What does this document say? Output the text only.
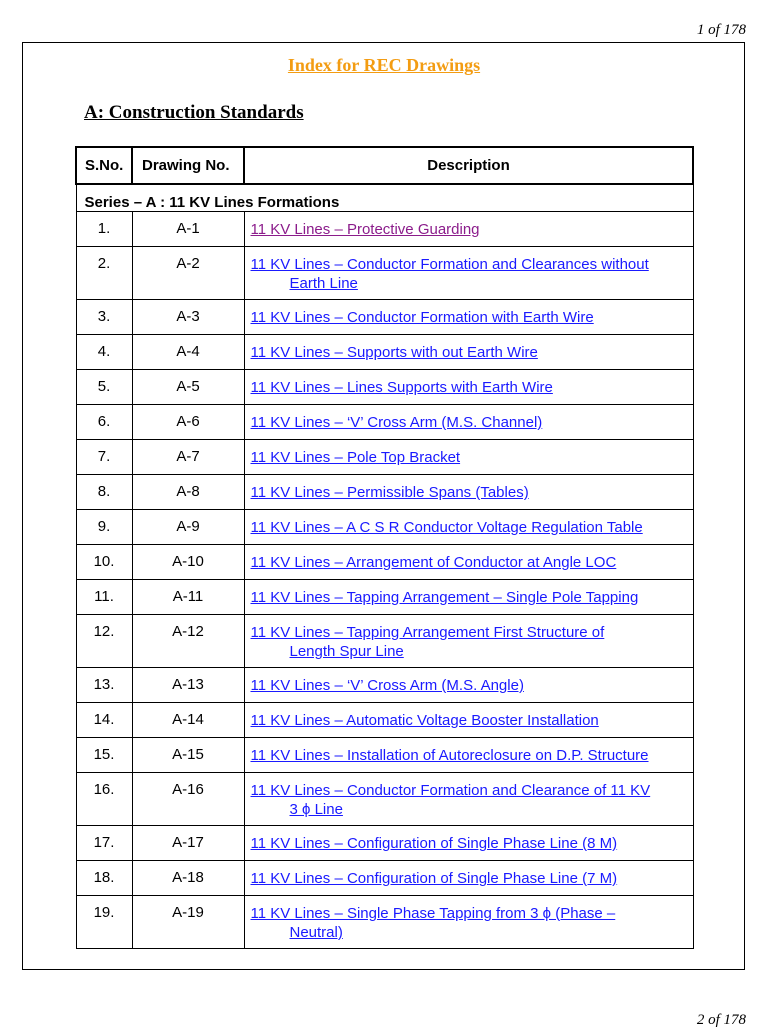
1 of 178
Index for REC Drawings
A: Construction Standards
S.No.	Drawing No.	Description
Series – A : 11 KV Lines Formations		
1.	A-1	11 KV Lines – Protective Guarding
2.	A-2	11 KV Lines – Conductor Formation and Clearances without
Earth Line

3.	A-3	11 KV Lines – Conductor Formation with Earth Wire
4.	A-4	11 KV Lines – Supports with out Earth Wire
5.	A-5	11 KV Lines – Lines Supports with Earth Wire
6.	A-6	11 KV Lines – ‘V’ Cross Arm (M.S. Channel)
7.	A-7	11 KV Lines – Pole Top Bracket
8.	A-8	11 KV Lines – Permissible Spans (Tables)
9.	A-9	11 KV Lines – A C S R Conductor Voltage Regulation Table
10.	A-10	11 KV Lines – Arrangement of Conductor at Angle LOC
11.	A-11	11 KV Lines – Tapping Arrangement – Single Pole Tapping
12.	A-12	11 KV Lines – Tapping Arrangement First Structure of
Length Spur Line

13.	A-13	11 KV Lines – ‘V’ Cross Arm (M.S. Angle)
14.	A-14	11 KV Lines – Automatic Voltage Booster Installation
15.	A-15	11 KV Lines – Installation of Autoreclosure on D.P. Structure
16.	A-16	11 KV Lines – Conductor Formation and Clearance of 11 KV
3 ϕ Line

17.	A-17	11 KV Lines – Configuration of Single Phase Line (8 M)
18.	A-18	11 KV Lines – Configuration of Single Phase Line (7 M)
19.	A-19	11 KV Lines – Single Phase Tapping from 3 ϕ (Phase –
Neutral)
2 of 178
